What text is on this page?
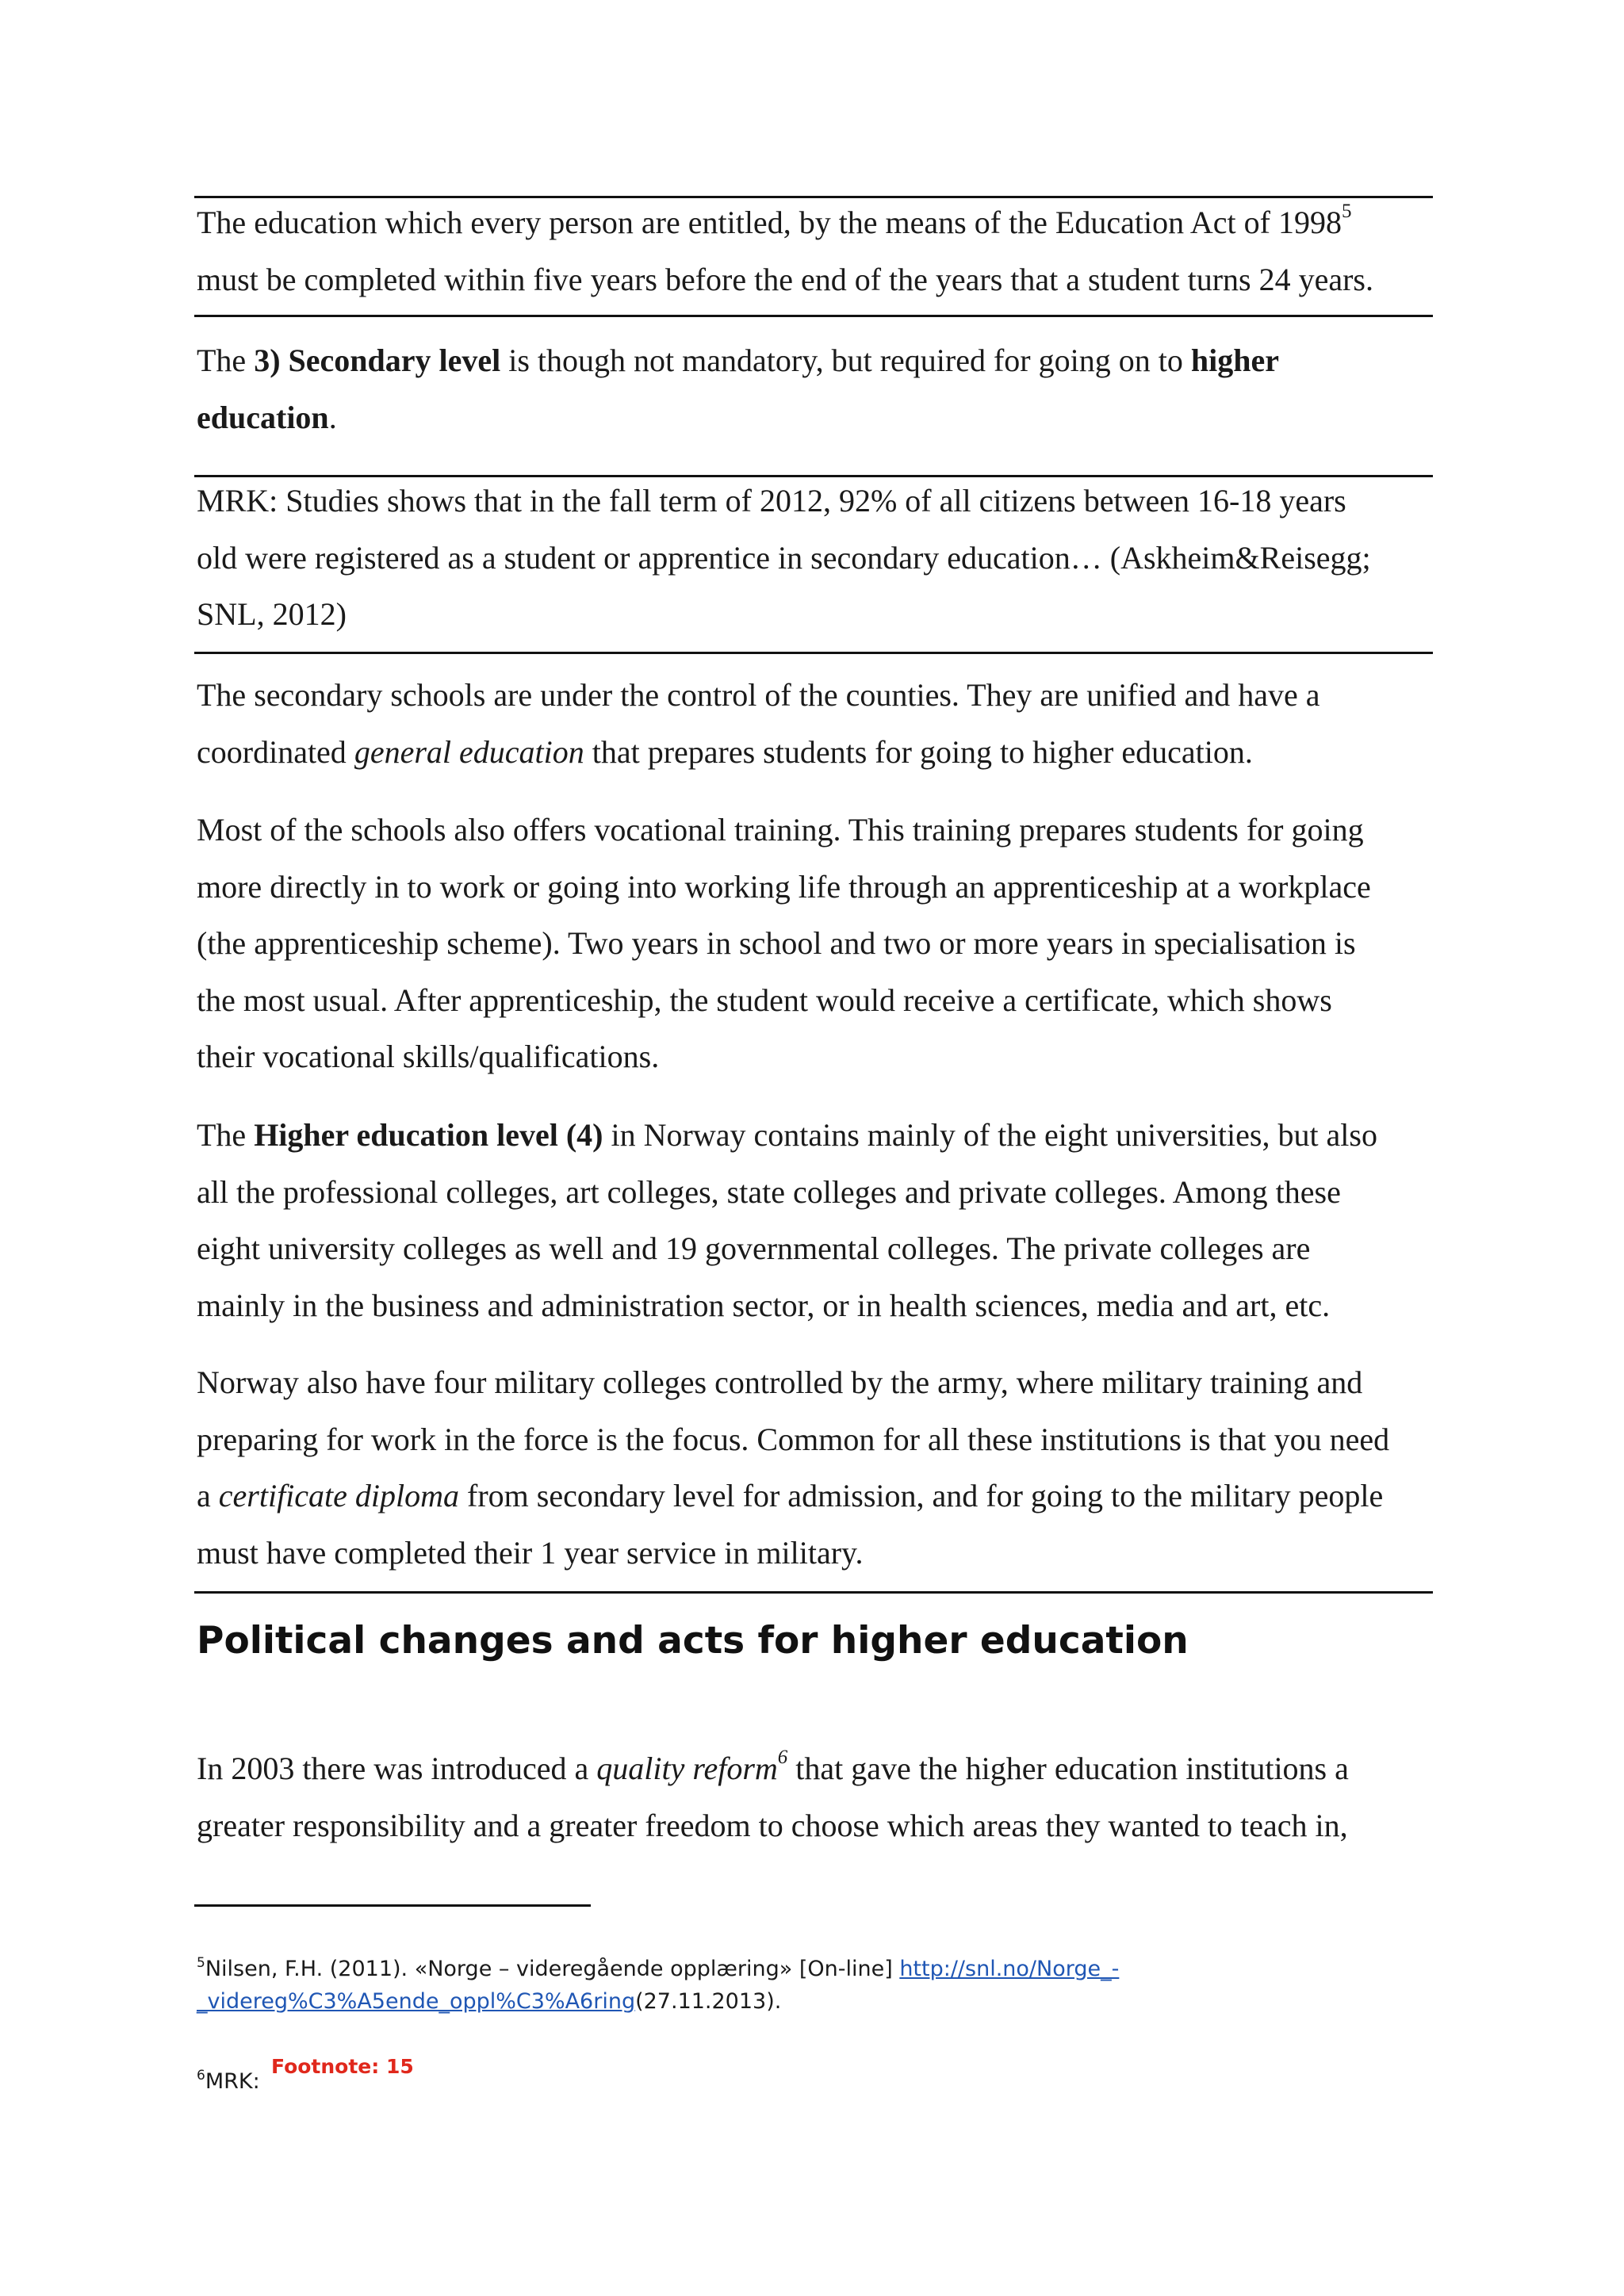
The education which every person are entitled, by the means of the Education Act of 1998$^5$
must be completed within five years before the end of the years that a student turns 24 years.

The 3) Secondary level is though not mandatory, but required for going on to higher
education.

MRK: Studies shows that in the fall term of 2012, 92% of all citizens between 16-18 years
old were registered as a student or apprentice in secondary education… (Askheim&Reisegg;
SNL, 2012)

The secondary schools are under the control of the counties. They are unified and have a
coordinated general education that prepares students for going to higher education.

Most of the schools also offers vocational training. This training prepares students for going
more directly in to work or going into working life through an apprenticeship at a workplace
(the apprenticeship scheme). Two years in school and two or more years in specialisation is
the most usual. After apprenticeship, the student would receive a certificate, which shows
their vocational skills/qualifications.

The Higher education level (4) in Norway contains mainly of the eight universities, but also
all the professional colleges, art colleges, state colleges and private colleges. Among these
eight university colleges as well and 19 governmental colleges. The private colleges are
mainly in the business and administration sector, or in health sciences, media and art, etc.

Norway also have four military colleges controlled by the army, where military training and
preparing for work in the force is the focus. Common for all these institutions is that you need
a certificate diploma from secondary level for admission, and for going to the military people
must have completed their 1 year service in military.

Political changes and acts for higher education

In 2003 there was introduced a quality reform$^6$ that gave the higher education institutions a
greater responsibility and a greater freedom to choose which areas they wanted to teach in,

$^5$Nilsen, F.H. (2011). «Norge – videregående opplæring» [On-line] http://snl.no/Norge_-
_videreg%C3%A5ende_oppl%C3%A6ring(27.11.2013).

$^6$MRK:

Footnote: 15
